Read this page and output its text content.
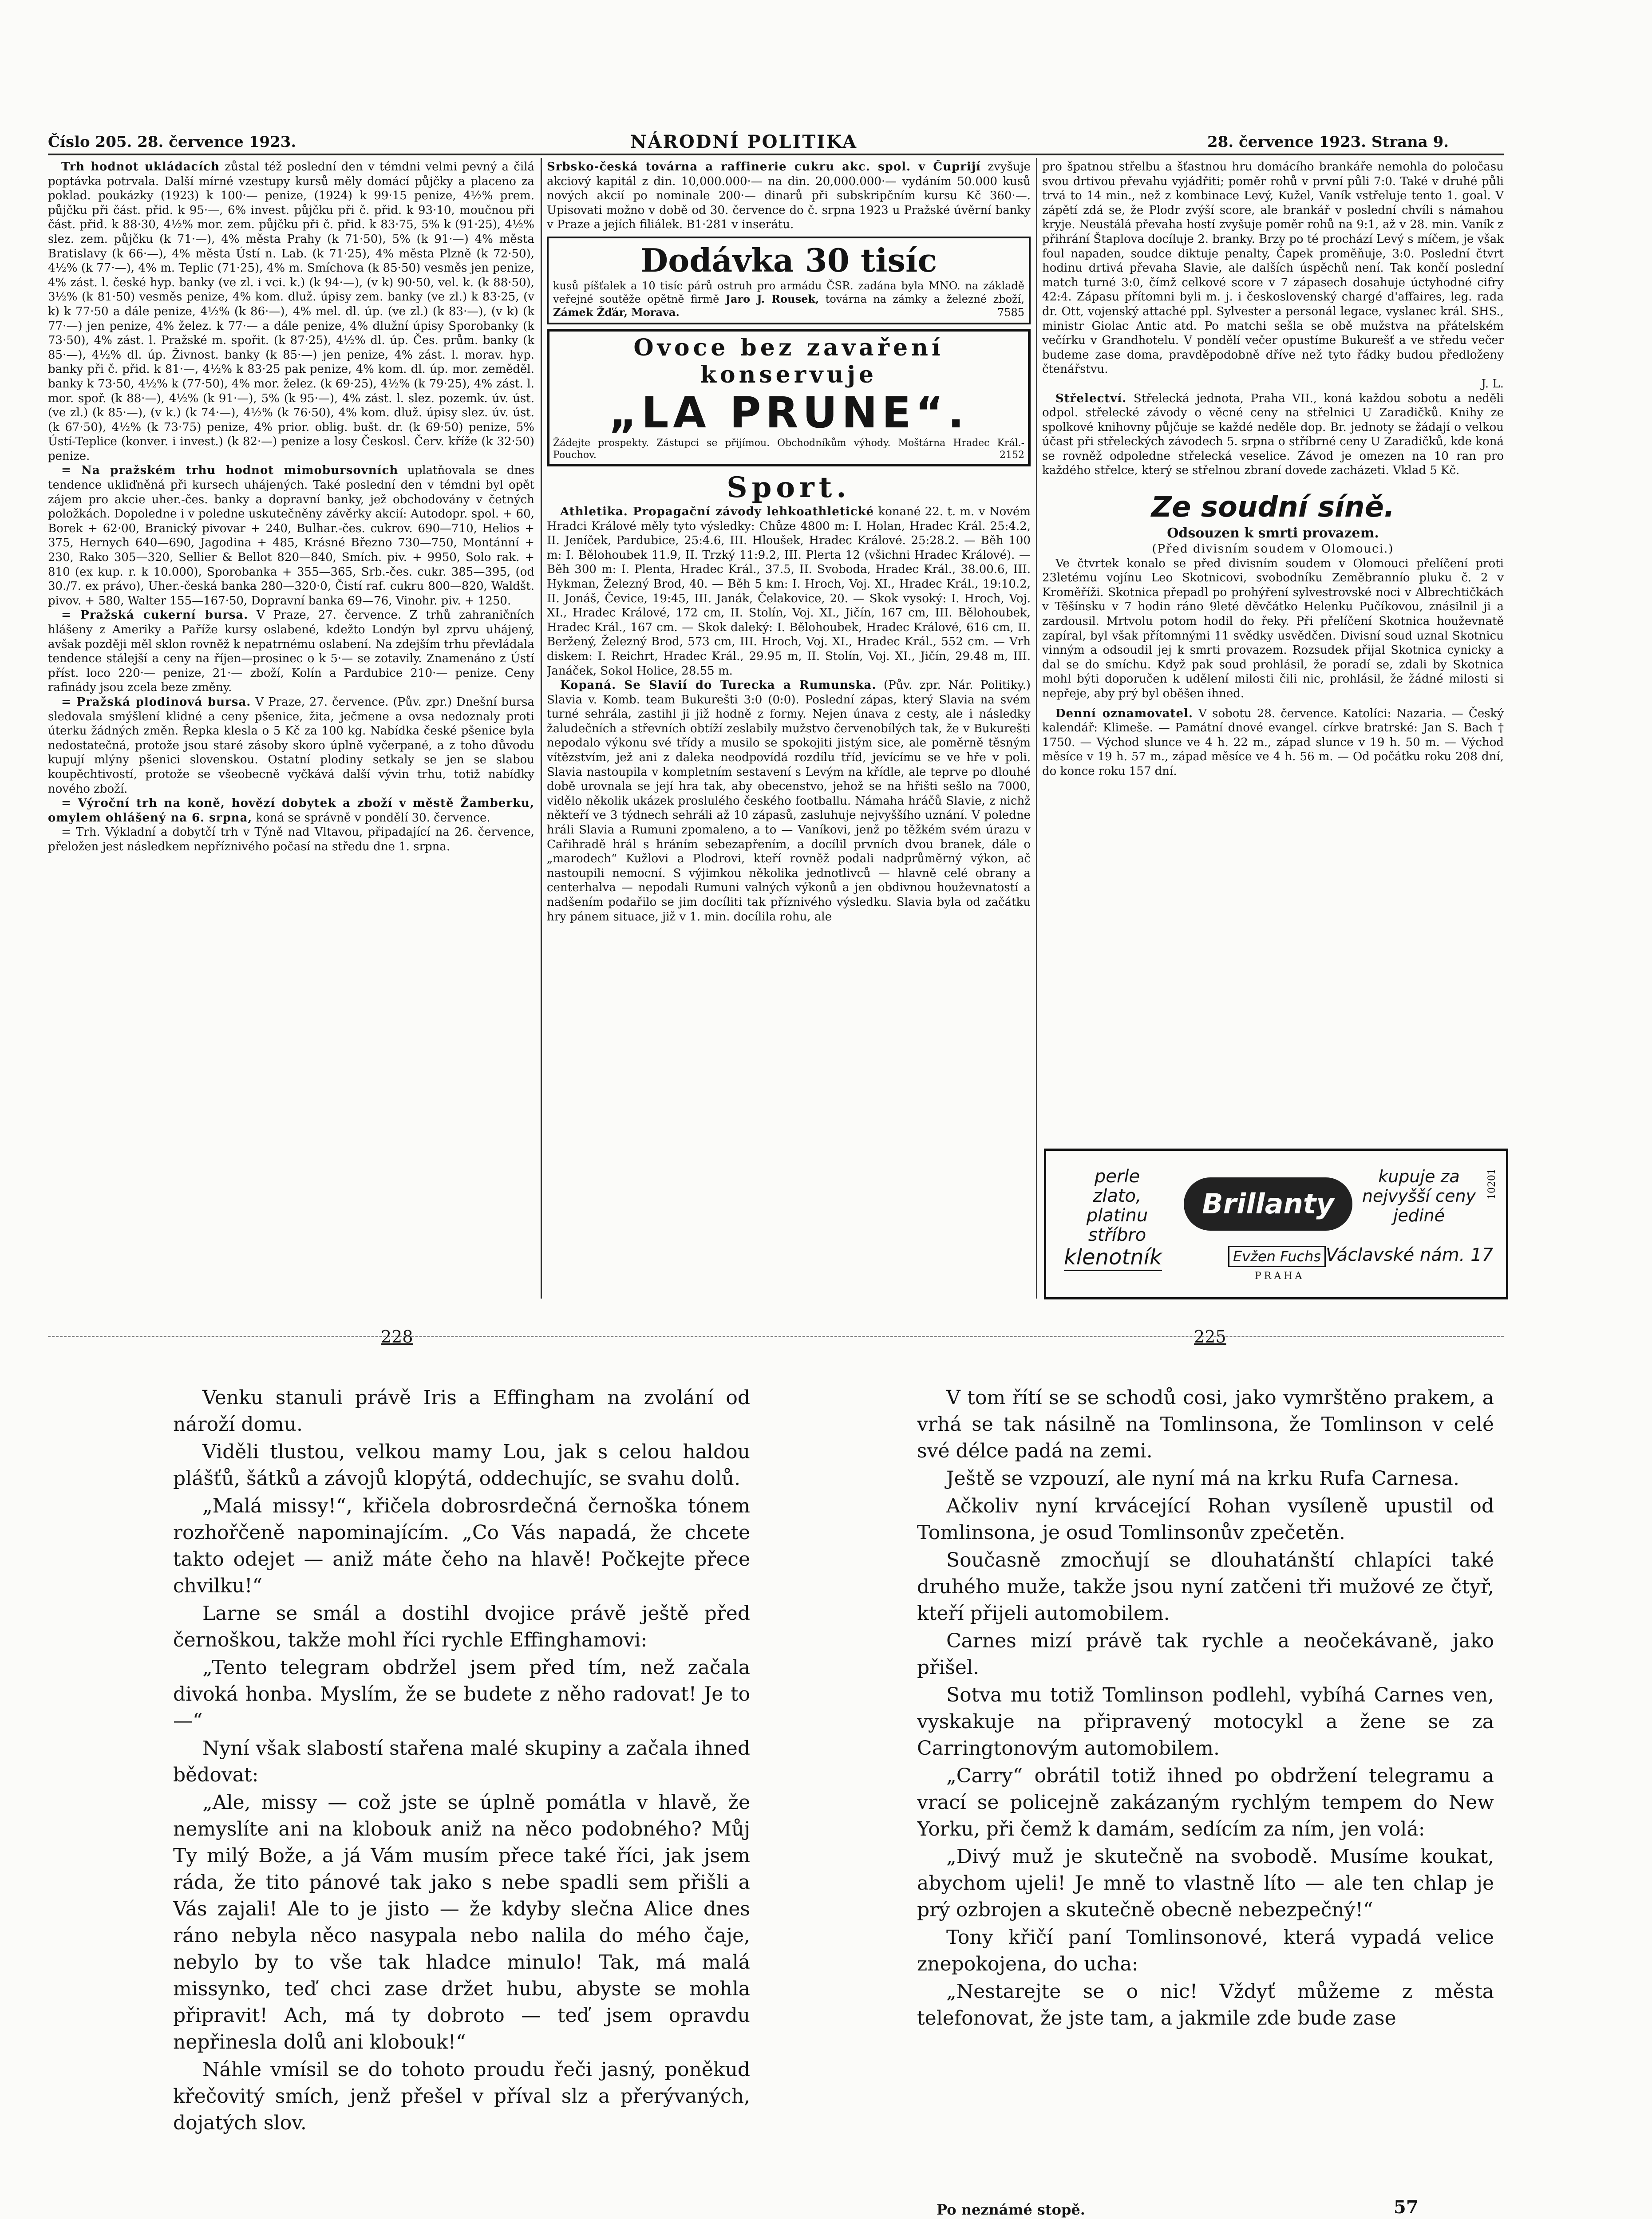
Číslo 205. 28. července 1923.	NÁRODNÍ POLITIKA	28. července 1923. Strana 9.

Trh hodnot ukládacích zůstal též poslední den v témdni velmi pevný a čilá poptávka potrvala. Další mírné vzestupy kursů měly domácí půjčky a placeno za poklad. poukázky (1923) k 100·— penize, (1924) k 99·15 penize, 4½% prem. půjčku při část. přid. k 95·—, 6% invest. půjčku při č. přid. k 93·10, moučnou při část. přid. k 88·30, 4½% mor. zem. půjčku při č. přid. k 83·75, 5% k (91·25), 4½% slez. zem. půjčku (k 71·—), 4% města Prahy (k 71·50), 5% (k 91·—) 4% města Bratislavy (k 66·—), 4% města Ústí n. Lab. (k 71·25), 4% města Plzně (k 72·50), 4½% (k 77·—), 4% m. Teplic (71·25), 4% m. Smíchova (k 85·50) vesměs jen penize, 4% zást. l. české hyp. banky (ve zl. i vci. k.) (k 94·—), (v k) 90·50, vel. k. (k 88·50), 3½% (k 81·50) vesměs penize, 4% kom. dluž. úpisy zem. banky (ve zl.) k 83·25, (v k) k 77·50 a dále penize, 4½% (k 86·—), 4% mel. dl. úp. (ve zl.) (k 83·—), (v k) (k 77·—) jen penize, 4% želez. k 77·— a dále penize, 4% dlužní úpisy Sporobanky (k 73·50), 4% zást. l. Pražské m. spořit. (k 87·25), 4½% dl. úp. Čes. prům. banky (k 85·—), 4½% dl. úp. Živnost. banky (k 85·—) jen penize, 4% zást. l. morav. hyp. banky při č. přid. k 81·—, 4½% k 83·25 pak penize, 4% kom. dl. úp. mor. zeměděl. banky k 73·50, 4½% k (77·50), 4% mor. želez. (k 69·25), 4½% (k 79·25), 4% zást. l. mor. spoř. (k 88·—), 4½% (k 91·—), 5% (k 95·—), 4% zást. l. slez. pozemk. úv. úst. (ve zl.) (k 85·—), (v k.) (k 74·—), 4½% (k 76·50), 4% kom. dluž. úpisy slez. úv. úst. (k 67·50), 4½% (k 73·75) penize, 4% prior. oblig. bušt. dr. (k 69·50) penize, 5% Ústí-Teplice (konver. i invest.) (k 82·—) penize a losy Českosl. Červ. kříže (k 32·50) penize.

= Na pražském trhu hodnot mimobursovních uplatňovala se dnes tendence ukliďněná při kursech uhájených. Také poslední den v témdni byl opět zájem pro akcie uher.-čes. banky a dopravní banky, jež obchodovány v četných položkách. Dopoledne i v poledne uskutečněny závěrky akcií: Autodopr. spol. + 60, Borek + 62·00, Branický pivovar + 240, Bulhar.-čes. cukrov. 690—710, Helios + 375, Hernych 640—690, Jagodina + 485, Krásné Březno 730—750, Montánní + 230, Rako 305—320, Sellier & Bellot 820—840, Smích. piv. + 9950, Solo rak. + 810 (ex kup. r. k 10.000), Sporobanka + 355—365, Srb.-čes. cukr. 385—395, (od 30./7. ex právo), Uher.-česká banka 280—320·0, Čistí raf. cukru 800—820, Waldšt. pivov. + 580, Walter 155—167·50, Dopravní banka 69—76, Vinohr. piv. + 1250.

= Pražská cukerní bursa. V Praze, 27. července. Z trhů zahraničních hlášeny z Ameriky a Paříže kursy oslabené, kdežto Londýn byl zprvu uhájený, avšak později měl sklon rovněž k nepatrnému oslabení. Na zdejším trhu převládala tendence stálejší a ceny na říjen—prosinec o k 5·— se zotavily. Znamenáno z Ústí příst. loco 220·— penize, 21·— zboží, Kolín a Pardubice 210·— penize. Ceny rafinády jsou zcela beze změny.

= Pražská plodinová bursa. V Praze, 27. července. (Pův. zpr.) Dnešní bursa sledovala smýšlení klidné a ceny pšenice, žita, ječmene a ovsa nedoznaly proti úterku žádných změn. Řepka klesla o 5 Kč za 100 kg. Nabídka české pšenice byla nedostatečná, protože jsou staré zásoby skoro úplně vyčerpané, a z toho důvodu kupují mlýny pšenici slovenskou. Ostatní plodiny setkaly se jen se slabou koupěchtivostí, protože se všeobecně vyčkává další vývin trhu, totiž nabídky nového zboží.

= Výroční trh na koně, hovězí dobytek a zboží v městě Žamberku, omylem ohlášený na 6. srpna, koná se správně v pondělí 30. července.

= Trh. Výkladní a dobytčí trh v Týně nad Vltavou, připadající na 26. července, přeložen jest následkem nepříznivého počasí na středu dne 1. srpna.

Srbsko-česká továrna a raffinerie cukru akc. spol. v Čuprijí zvyšuje akciový kapitál z din. 10,000.000·— na din. 20,000.000·— vydáním 50.000 kusů nových akcií po nominale 200·— dinarů při subskripčním kursu Kč 360·—. Upisovati možno v době od 30. července do č. srpna 1923 u Pražské úvěrní banky v Praze a jejích filiálek. B1·281 v inserátu.

Dodávka 30 tisíc
kusů píšťalek a 10 tisíc párů ostruh pro armádu ČSR. zadána byla MNO. na základě veřejné soutěže opětně firmě Jaro J. Rousek, továrna na zámky a železné zboží, Zámek Žďár, Morava.	7585
Ovoce bez zavaření
konservuje
„LA PRUNE“.
Žádejte prospekty. Zástupci se přijímou. Obchodníkům výhody. Moštárna Hradec Král.-Pouchov.	2152
Sport.

Athletika. Propagační závody lehkoathletické konané 22. t. m. v Novém Hradci Králové měly tyto výsledky: Chůze 4800 m: I. Holan, Hradec Král. 25:4.2, II. Jeníček, Pardubice, 25:4.6, III. Hloušek, Hradec Králové. 25:28.2. — Běh 100 m: I. Bělohoubek 11.9, II. Trzký 11:9.2, III. Plerta 12 (všichni Hradec Králové). — Běh 300 m: I. Plenta, Hradec Král., 37.5, II. Svoboda, Hradec Král., 38.00.6, III. Hykman, Železný Brod, 40. — Běh 5 km: I. Hroch, Voj. XI., Hradec Král., 19:10.2, II. Jonáš, Čevice, 19:45, III. Janák, Čelakovice, 20. — Skok vysoký: I. Hroch, Voj. XI., Hradec Králové, 172 cm, II. Stolín, Voj. XI., Jičín, 167 cm, III. Bělohoubek, Hradec Král., 167 cm. — Skok daleký: I. Bělohoubek, Hradec Králové, 616 cm, II. Beržený, Železný Brod, 573 cm, III. Hroch, Voj. XI., Hradec Král., 552 cm. — Vrh diskem: I. Reichrt, Hradec Král., 29.95 m, II. Stolín, Voj. XI., Jičín, 29.48 m, III. Janáček, Sokol Holice, 28.55 m.

Kopaná. Se Slavií do Turecka a Rumunska. (Pův. zpr. Nár. Politiky.) Slavia v. Komb. team Bukurešti 3:0 (0:0). Poslední zápas, který Slavia na svém turné sehrála, zastihl ji již hodně z formy. Nejen únava z cesty, ale i následky žaludečních a střevních obtíží zeslabily mužstvo červenobílých tak, že v Bukurešti nepodalo výkonu své třídy a musilo se spokojiti jistým sice, ale poměrně těsným vítězstvím, jež ani z daleka neodpovídá rozdílu tříd, jevícímu se ve hře v poli. Slavia nastoupila v kompletním sestavení s Levým na křídle, ale teprve po dlouhé době urovnala se její hra tak, aby obecenstvo, jehož se na hřišti sešlo na 7000, vidělo několik ukázek proslulého českého footballu. Námaha hráčů Slavie, z nichž někteří ve 3 týdnech sehráli až 10 zápasů, zasluhuje nejvyššího uznání. V poledne hráli Slavia a Rumuni zpomaleno, a to — Vaníkovi, jenž po těžkém svém úrazu v Cařihradě hrál s hráním sebezapřením, a docílil prvních dvou branek, dále o „marodech“ Kužlovi a Plodrovi, kteří rovněž podali nadprůměrný výkon, ač nastoupili nemocní. S výjimkou několika jednotlivců — hlavně celé obrany a centerhalva — nepodali Rumuni valných výkonů a jen obdivnou houževnatostí a nadšením podařilo se jim docíliti tak příznivého výsledku. Slavia byla od začátku hry pánem situace, již v 1. min. docílila rohu, ale

pro špatnou střelbu a šťastnou hru domácího brankáře nemohla do poločasu svou drtivou převahu vyjádřiti; poměr rohů v první půli 7:0. Také v druhé půli trvá to 14 min., než z kombinace Levý, Kužel, Vaník vstřeluje tento 1. goal. V zápětí zdá se, že Plodr zvýší score, ale brankář v poslední chvíli s námahou kryje. Neustálá převaha hostí zvyšuje poměr rohů na 9:1, až v 28. min. Vaník z přihrání Štaplova docíluje 2. branky. Brzy po té prochází Levý s míčem, je však foul napaden, soudce diktuje penalty, Čapek proměňuje, 3:0. Poslední čtvrt hodinu drtivá převaha Slavie, ale dalších úspěchů není. Tak končí poslední match turné 3:0, čímž celkové score v 7 zápasech dosahuje úctyhodné cifry 42:4. Zápasu přítomni byli m. j. i československý chargé d'affaires, leg. rada dr. Ott, vojenský attaché ppl. Sylvester a personál legace, vyslanec král. SHS., ministr Giolac Antic atd. Po matchi sešla se obě mužstva na přátelském večírku v Grandhotelu. V pondělí večer opustíme Bukurešť a ve středu večer budeme zase doma, pravděpodobně dříve než tyto řádky budou předloženy čtenářstvu.

J. L.

Střelectví. Střelecká jednota, Praha VII., koná každou sobotu a neděli odpol. střelecké závody o věcné ceny na střelnici U Zaradičků. Knihy ze spolkové knihovny půjčuje se každé neděle dop. Br. jednoty se žádají o velkou účast při střeleckých závodech 5. srpna o stříbrné ceny U Zaradičků, kde koná se rovněž odpoledne střelecká veselice. Závod je omezen na 10 ran pro každého střelce, který se střelnou zbraní dovede zacházeti. Vklad 5 Kč.

Ze soudní síně.
Odsouzen k smrti provazem.
(Před divisním soudem v Olomouci.)

Ve čtvrtek konalo se před divisním soudem v Olomouci přelíčení proti 23letému vojínu Leo Skotnicovi, svobodníku Zeměbrannío pluku č. 2 v Kroměříži. Skotnica přepadl po prohýření sylvestrovské noci v Albrechtičkách v Těšínsku v 7 hodin ráno 9leté děvčátko Helenku Pučíkovou, znásilnil ji a zardousil. Mrtvolu potom hodil do řeky. Při přelíčení Skotnica houževnatě zapíral, byl však přítomnými 11 svědky usvědčen. Divisní soud uznal Skotnicu vinným a odsoudil jej k smrti provazem. Rozsudek přijal Skotnica cynicky a dal se do smíchu. Když pak soud prohlásil, že poradí se, zdali by Skotnica mohl býti doporučen k udělení milosti čili nic, prohlásil, že žádné milosti si nepřeje, aby prý byl oběšen ihned.

Denní oznamovatel. V sobotu 28. července. Katolíci: Nazaria. — Český kalendář: Klimeše. — Památní dnové evangel. církve bratrské: Jan S. Bach † 1750. — Východ slunce ve 4 h. 22 m., západ slunce v 19 h. 50 m. — Východ měsíce v 19 h. 57 m., západ měsíce ve 4 h. 56 m. — Od počátku roku 208 dní, do konce roku 157 dní.

perle
zlato, platinu
stříbro
Brillanty
kupuje za
nejvyšší ceny
jediné
klenotník	Evžen Fuchs Václavské nám. 17
PRAHA
10201
228	225

Venku stanuli právě Iris a Effingham na zvolání od nároží domu.

Viděli tlustou, velkou mamy Lou, jak s celou haldou plášťů, šátků a závojů klopýtá, oddechujíc, se svahu dolů.

„Malá missy!“, křičela dobrosrdečná černoška tónem rozhořčeně napominajícím. „Co Vás napadá, že chcete takto odejet — aniž máte čeho na hlavě! Počkejte přece chvilku!“

Larne se smál a dostihl dvojice právě ještě před černoškou, takže mohl říci rychle Effinghamovi:

„Tento telegram obdržel jsem před tím, než začala divoká honba. Myslím, že se budete z něho radovat! Je to —“

Nyní však slabostí stařena malé skupiny a začala ihned bědovat:

„Ale, missy — což jste se úplně pomátla v hlavě, že nemyslíte ani na klobouk aniž na něco podobného? Můj Ty milý Bože, a já Vám musím přece také říci, jak jsem ráda, že tito pánové tak jako s nebe spadli sem přišli a Vás zajali! Ale to je jisto — že kdyby slečna Alice dnes ráno nebyla něco nasypala nebo nalila do mého čaje, nebylo by to vše tak hladce minulo! Tak, má malá missynko, teď chci zase držet hubu, abyste se mohla připravit! Ach, má ty dobroto — teď jsem opravdu nepřinesla dolů ani klobouk!“

Náhle vmísil se do tohoto proudu řeči jasný, poněkud křečovitý smích, jenž přešel v příval slz a přerývaných, dojatých slov.

V tom řítí se se schodů cosi, jako vymrštěno prakem, a vrhá se tak násilně na Tomlinsona, že Tomlinson v celé své délce padá na zemi.

Ještě se vzpouzí, ale nyní má na krku Rufa Carnesa.

Ačkoliv nyní krvácející Rohan vysíleně upustil od Tomlinsona, je osud Tomlinsonův zpečetěn.

Současně zmocňují se dlouhatánští chlapíci také druhého muže, takže jsou nyní zatčeni tři mužové ze čtyř, kteří přijeli automobilem.

Carnes mizí právě tak rychle a neočekávaně, jako přišel.

Sotva mu totiž Tomlinson podlehl, vybíhá Carnes ven, vyskakuje na připravený motocykl a žene se za Carringtonovým automobilem.

„Carry“ obrátil totiž ihned po obdržení telegramu a vrací se policejně zakázaným rychlým tempem do New Yorku, při čemž k damám, sedícím za ním, jen volá:

„Divý muž je skutečně na svobodě. Musíme koukat, abychom ujeli! Je mně to vlastně líto — ale ten chlap je prý ozbrojen a skutečně obecně nebezpečný!“

Tony křičí paní Tomlinsonové, která vypadá velice znepokojena, do ucha:

„Nestarejte se o nic! Vždyť můžeme z města telefonovat, že jste tam, a jakmile zde bude zase

Po neznámé stopě.	57
